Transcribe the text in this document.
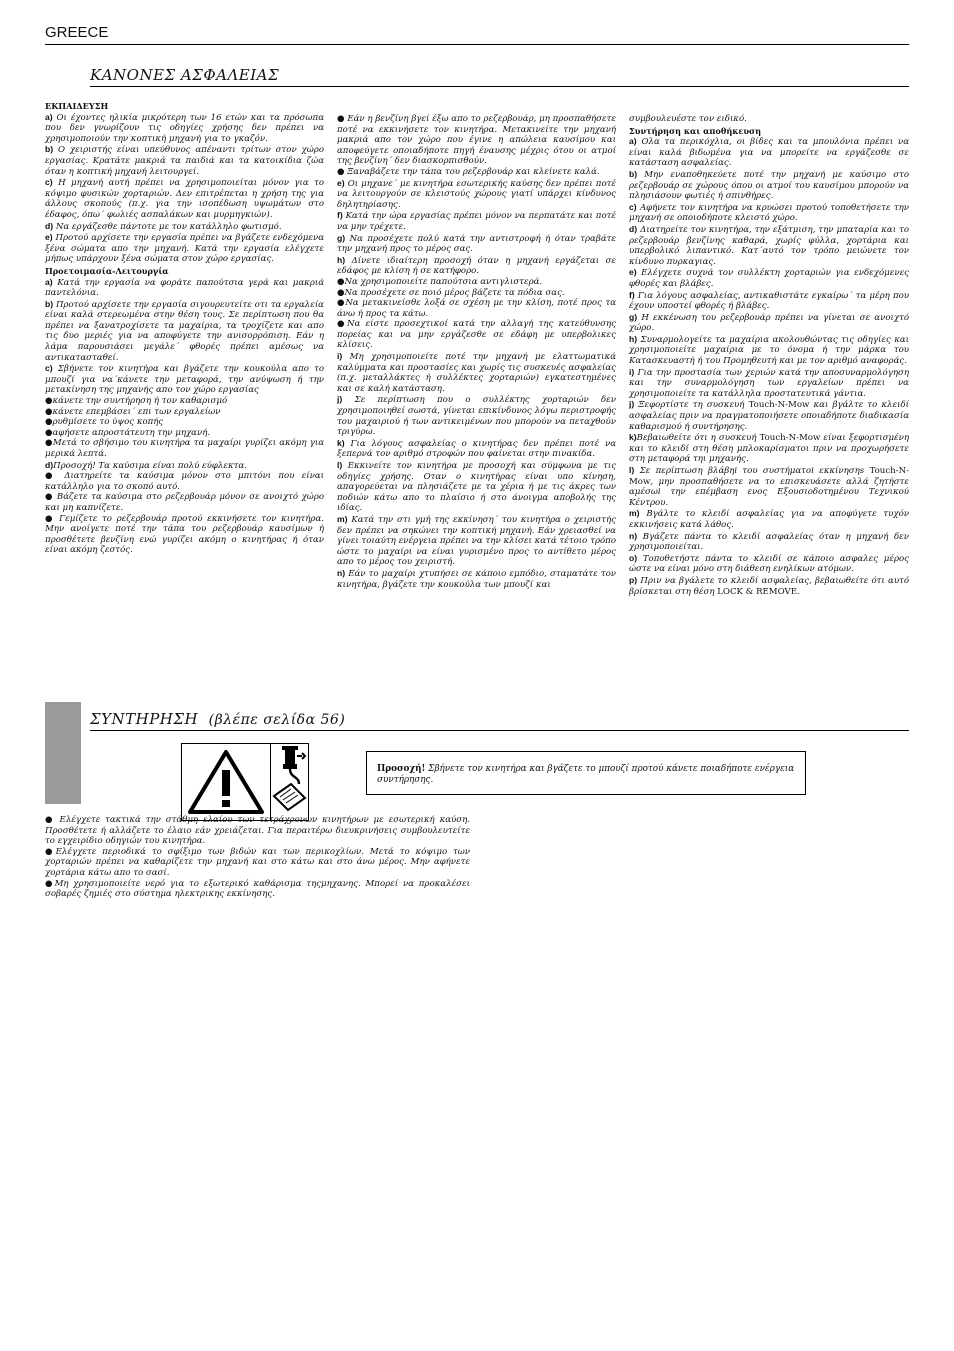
GREECE
ΚΑΝΟΝΕΣ ΑΣΦΑΛΕΙΑΣ
ΕΚΠΑΙΔΕΥΣΗ

a) Οι έχοντες ηλικία μικρότερη των 16 ετών και τα πρόσωπα που δεν γνωρίζουν τις οδηγίες χρήσης δεν πρέπει να χρησιμοποιούν την κοπτική μηχανή για το γκαζόν.

b) Ο χειριστής είναι υπεύθυνος απέναντι τρίτων στον χώρο εργασίας. Κρατάτε μακριά τα παιδιά και τα κατοικίδια ζώα όταν η κοπτική μηχανή λειτουργεί.

c) Η μηχανή αυτή πρέπει να χρησιμοποιείται μόνον για το κόψιμο φυσικών χορταριών. Δεν επιτρέπεται η χρήση της για άλλους σκοπούς (π.χ. για την ισοπέδωση υψωμάτων στο έδαφος, όπω΄ φωλιές ασπαλάκων και μυρμηγκιών).

d) Να εργάζεσθε πάντοτε με τον κατάλληλο φωτισμό.

e) Προτού αρχίσετε την εργασία πρέπει να βγάζετε ενδεχόμενα ξένα σώματα απο την μηχανή. Κατά την εργασία ελέγχετε μήπως υπάρχουν ξένα σώματα στον χώρο εργασίας.

Προετοιμασία-Λειτουργία

a) Κατά την εργασία να φοράτε παπούτσια γερά και μακριά παντελόνια.

b) Προτού αρχίσετε την εργασία σιγουρευτείτε οτι τα εργαλεία είναι καλά στερεωμένα στην θέση τους. Σε περίπτωση που θα πρέπει να ξανατροχίσετε τα μαχαίρια, τα τροχίζετε και απο τις δυο μεριές για να αποφύγετε την ανισορρόπιση. Εάν η λάμα παρουσιάσει μεγάλε΄ φθορές πρέπει αμέσως να αντικατασταθεί.

c) Σβήνετε τον κινητήρα και βγάζετε την κουκούλα απο το μπουζί για να΄κάνετε την μεταφορά, την ανύψωση ή την μετακίνηση της μηχανής απο τον χώρο εργασίας

●κάνετε την συντήρηση ή τον καθαρισμό

●κάνετε επεμβάσει΄ επι των εργαλείων

●ρυθμίσετε το ύψος κοπής

●αφήσετε απροστάτευτη την μηχανή.

●Μετά το σβήσιμο του κινητήρα τα μαχαίρι γυρίζει ακόμη για μερικά λεπτά.

d)Προσοχή! Τα καύσιμα είναι πολύ εύφλεκτα.

● Διατηρείτε τα καύσιμα μόνον στο μπιτόνι που είναι κατάλληλο για το σκοπό αυτό.

● Βάζετε τα καύσιμα στο ρεζερβουάρ μόνον σε ανοιχτό χώρο και μη καπνίζετε.

● Γεμίζετε το ρεζερβουάρ προτού εκκινήσετε τον κινητήρα. Μην ανοίγετε ποτέ την τάπα του ρεζερβουάρ καυσίμων ή προσθέτετε βενζίνη ενώ γυρίζει ακόμη ο κινητήρας ή όταν είναι ακόμη ζεστός.

● Εάν η βενζίνη βγεί έξω απο το ρεζερβουάρ, μη προσπαθήσετε ποτέ να εκκινήσετε τον κινητήρα. Μετακινείτε την μηχανή μακριά απο τον χώρο που έγινε η απώλεια καυσίμου και αποφεύγετε οποιαδήποτε πηγή έναυσης μέχρις ότου οι ατμοί της βενζίνη΄ δεν διασκορπισθούν.

● Ξαναβάζετε την τάπα του ρεζερβουάρ και κλείνετε καλά.

e) Οι μηχανε΄ με κινητήρα εσωτερικής καύσης δεν πρέπει ποτέ να λειτουργούν σε κλειστούς χώρους γιατί υπάρχει κίνδυνος δηλητηρίασης.

f) Κατά την ώρα εργασίας πρέπει μόνον να περπατάτε και ποτέ να μην τρέχετε.

g) Να προσέχετε πολύ κατά την αντιστροφή ή όταν τραβάτε την μηχανή προς το μέρος σας.

h) Δίνετε ιδιαίτερη προσοχή όταν η μηχανή εργάζεται σε εδάφος με κλίση ή σε κατήφορο.

●Να χρησιμοποιείτε παπούτσια αντιγλιστερά.

●Να προσέχετε σε ποιό μέρος βάζετε τα πόδια σας.

●Να μετακινείσθε λοξά σε σχέση με την κλίση, ποτέ προς τα άνω ή προς τα κάτω.

●Να είστε προσεχτικοί κατά την αλλαγή της κατεύθυνσης πορείας και να μην εργάζεσθε σε εδάφη με υπερβολικες κλίσεις.

i) Μη χρησιμοποιείτε ποτέ την μηχανή με ελαττωματικά καλύμματα και προστασίες και χωρίς τις συσκευές ασφαλείας (π.χ. μεταλλάκτες ή συλλέκτες χορταριών) εγκατεστημένες και σε καλή κατάσταση.

j) Σε περίπτωση που ο συλλέκτης χορταριών δεν χρησιμοποιηθεί σωστά, γίνεται επικίνδυνος λόγω περιστροφής του μαχαιριού ή των αντικειμένων που μπορούν να πεταχθούν τριγύρω.

k) Για λόγους ασφαλείας ο κινητήρας δεν πρέπει ποτέ να ξεπερνά τον αριθμό στροφών που φαίνεται στην πινακίδα.

l) Εκκινείτε τον κινητήρα με προσοχή και σύμφωνα με τις οδηγίες χρήσης. Οταν ο κινητήρας είναι υπο κίνηση, απαγορεύεται να πλησιάζετε με τα χέρια ή με τις άκρες των ποδιών κάτω απο το πλαίσιο ή στο άνοιγμα αποβολής της ιδίας.

m) Κατά την στι γμή της εκκίνηση΄ του κινητήρα ο χειριστής δεν πρέπει να σηκώνει την κοπτική μηχανή. Εάν χρειασθεί να γίνει τοιαύτη ενέργεια πρέπει να την κλίσει κατά τέτοιο τρόπο ώστε το μαχαίρι να είναι γυρισμένο προς το αντίθετο μέρος απο το μέρος του χειριστή.

n) Εάν το μαχαίρι χτυπήσει σε κάποιο εμπόδιο, σταματάτε τον κινητήρα, βγάζετε την κουκούλα των μπουζί και

συμβουλευέστε τον ειδικό.

Συντήρηση και αποθήκευση

a) Ολα τα περικόχλια, οι βίδες και τα μπουλόνια πρέπει να είναι καλά βιδωμένα για να μπορείτε να εργάζεσθε σε κατάσταση ασφαλείας.

b) Μην εναποθηκεύετε ποτέ την μηχανή με καύσιμο στο ρεζερβουάρ σε χώρους όπου οι ατμοί του καυσίμου μπορούν να πλησιάσουν φωτιές ή σπινθήρες.

c) Αφήνετε τον κινητήρα να κρυώσει προτού τοποθετήσετε την μηχανή σε οποιοδήποτε κλειστό χώρο.

d) Διατηρείτε τον κινητήρα, την εξάτμιση, την μπαταρία και το ρεζερβουάρ βενζίνης καθαρά, χωρίς φύλλα, χορτάρια και υπερβολικό λιπαντικό. Κατ΄αυτό τον τρόπο μειώνετε τον κίνδυνο πυρκαγιας.

e) Ελέγχετε συχνά τον συλλέκτη χορταριών για ενδεχόμενες φθορές και βλάβες.

f) Για λόγους ασφαλείας, αντικαθιστάτε εγκαίρω΄ τα μέρη που έχουν υποστεί φθορές ή βλάβες.

g) Η εκκένωση του ρεζερβουάρ πρέπει να γίνεται σε ανοιχτό χώρο.

h) Συναρμολογείτε τα μαχαίρια ακολουθώντας τις οδηγίες και χρησιμοποιείτε μαχαίρια με το όνομα ή την μάρκα του Κατασκευαστή ή του Προμηθευτή και με τον αριθμό αναφοράς.

i) Για την προστασία των χεριών κατά την αποσυναρμολόγηση και την συναρμολόγηση των εργαλείων πρέπει να χρησιμοποιείτε τα κατάλληλα προστατευτικά γάντια.

j) Ξεφορτίστε τη συσκευή Touch-N-Mow και βγάλτε το κλειδί ασφαλείας πριν να πραγματοποιήσετε οποιαδήποτε διαδικασία καθαρισμού ή συντήρησης.

k)Βεβαιωθείτε ότι η συσκευή Touch-N-Mow είναι ξεφορτισμένη και το κλειδί στη θέση μπλοκαρίσματοι πριν να προχωρήσετε στη μεταφορά τηι μηχανής.

l) Σε περίπτωση βλάβηi του συστήματοi εκκίνησηs Touch-N-Mow, μην προσπαθήσετε να το επισκευάσετε αλλά ζητήστε αμέσωi την επέμβαση ενος Εξουσιοδοτημένου Τεχνικού Κέντρου.

m) Βγάλτε το κλειδί ασφαλείας για να αποφύγετε τυχόν εκκινήσεις κατά λάθος.

n) Βγάζετε πάντα το κλειδί ασφαλείας όταν η μηχανή δεν χρησιμοποιείται.

o) Τοποθετήστε πάντα το κλειδί σε κάποιο ασφαλες μέρος ώστε να είναι μόνο στη διάθεση ενηλίκων ατόμων.

p) Πριν να βγάλετε το κλειδί ασφαλείας, βεβαιωθείτε ότι αυτό βρίσκεται στη θέση LOCK & REMOVE.

ΣΥΝΤΗΡΗΣΗ (βλέπε σελίδα 56)
Προσοχή! Σβήνετε τον κινητήρα και βγάζετε το μπουζί προτού κάνετε ποιαδήποτε ενέργεια συντήρησης.

● Ελέγχετε τακτικά την στάθμη ελαίου των τετράχρονων κινητήρων με εσωτερική καύση. Προσθέτετε ή αλλάζετε το έλαιο εάν χρειάζεται. Για περαιτέρω διευκρινήσεις συμβουλευτείτε το εγχειρίδιο οδηγιών του κινητήρα.

●Ελέγχετε περιοδικά το σφίξιμο των βιδών και των περικοχλίων. Μετά το κόψιμο των χορταριών πρέπει να καθαρίζετε την μηχανή και στο κάτω και στο άνω μέρος. Μην αφήνετε χορτάρια κάτω απο το σασί.

●Μη χρησιμοποιείτε νερό για το εξωτερικό καθάρισμα τηςμηχανης. Μπορεί να προκαλέσει σοβαρές ζημιές στο σύστημα ηλεκτρικης εκκίνησης.
